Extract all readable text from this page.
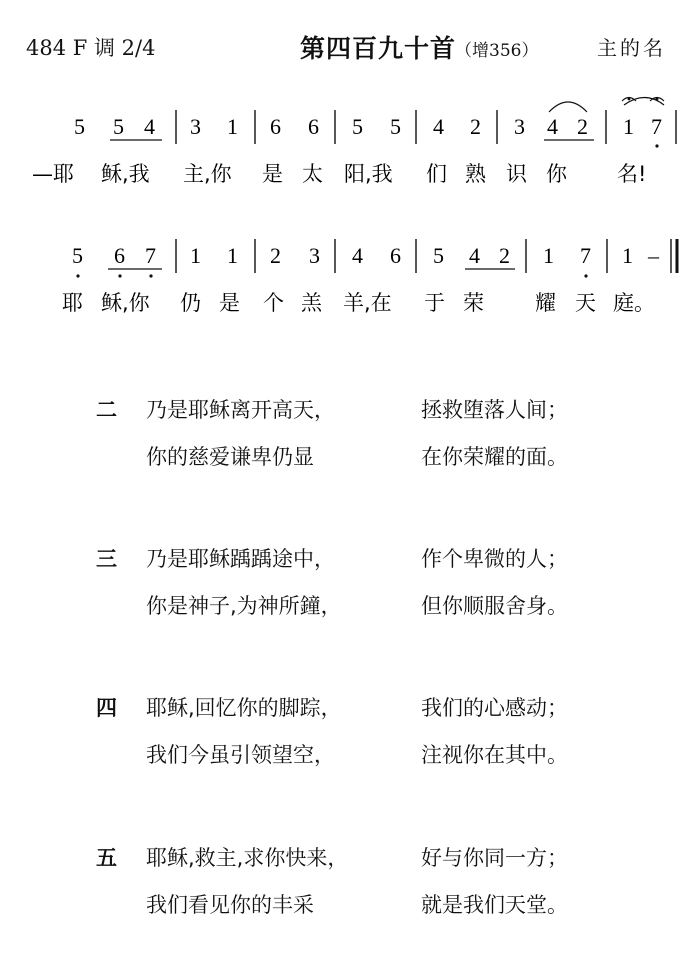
484 F 调 2/4	第四百九十首
（增356）	主的名
5 5 4 3 1 6 6 5 5 4 2 3 4 2 1 7
—耶 稣,我 主,你 是 太 阳,我 们 熟 识 你 名!
5 6 7 1 1 2 3 4 6 5 4 2 1 7 1 –
耶 稣,你 仍 是 个 羔 羊,在 于 荣 耀 天 庭。
二 乃是耶稣离开高天，	拯救堕落人间；
你的慈爱谦卑仍显	在你荣耀的面。
三 乃是耶稣踽踽途中，	作个卑微的人；
你是神子,为神所鐘，	但你顺服舍身。
四 耶稣,回忆你的脚踪，	我们的心感动；
我们今虽引领望空，	注视你在其中。
五 耶稣,救主,求你快来，	好与你同一方；
我们看见你的丰采	就是我们天堂。
